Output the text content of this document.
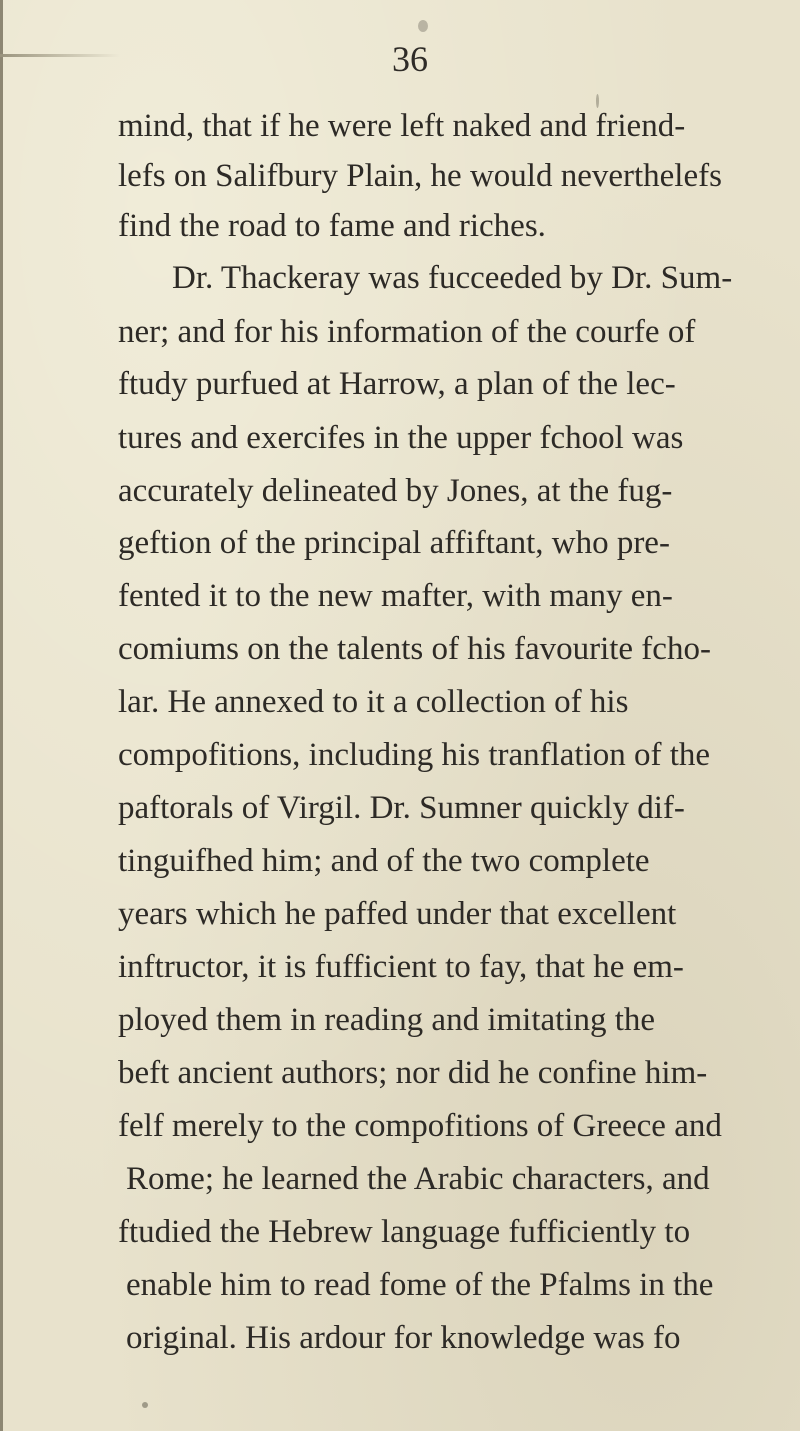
36
mind, that if he were left naked and friend-
lefs on Salifbury Plain, he would neverthelefs
find the road to fame and riches.
Dr. Thackeray was fucceeded by Dr. Sum-
ner; and for his information of the courfe of
ftudy purfued at Harrow, a plan of the lec-
tures and exercifes in the upper fchool was
accurately delineated by Jones, at the fug-
geftion of the principal affiftant, who pre-
fented it to the new mafter, with many en-
comiums on the talents of his favourite fcho-
lar. He annexed to it a collection of his
compofitions, including his tranflation of the
paftorals of Virgil. Dr. Sumner quickly dif-
tinguifhed him; and of the two complete
years which he paffed under that excellent
inftructor, it is fufficient to fay, that he em-
ployed them in reading and imitating the
beft ancient authors; nor did he confine him-
felf merely to the compofitions of Greece and
Rome; he learned the Arabic characters, and
ftudied the Hebrew language fufficiently to
enable him to read fome of the Pfalms in the
original. His ardour for knowledge was fo
